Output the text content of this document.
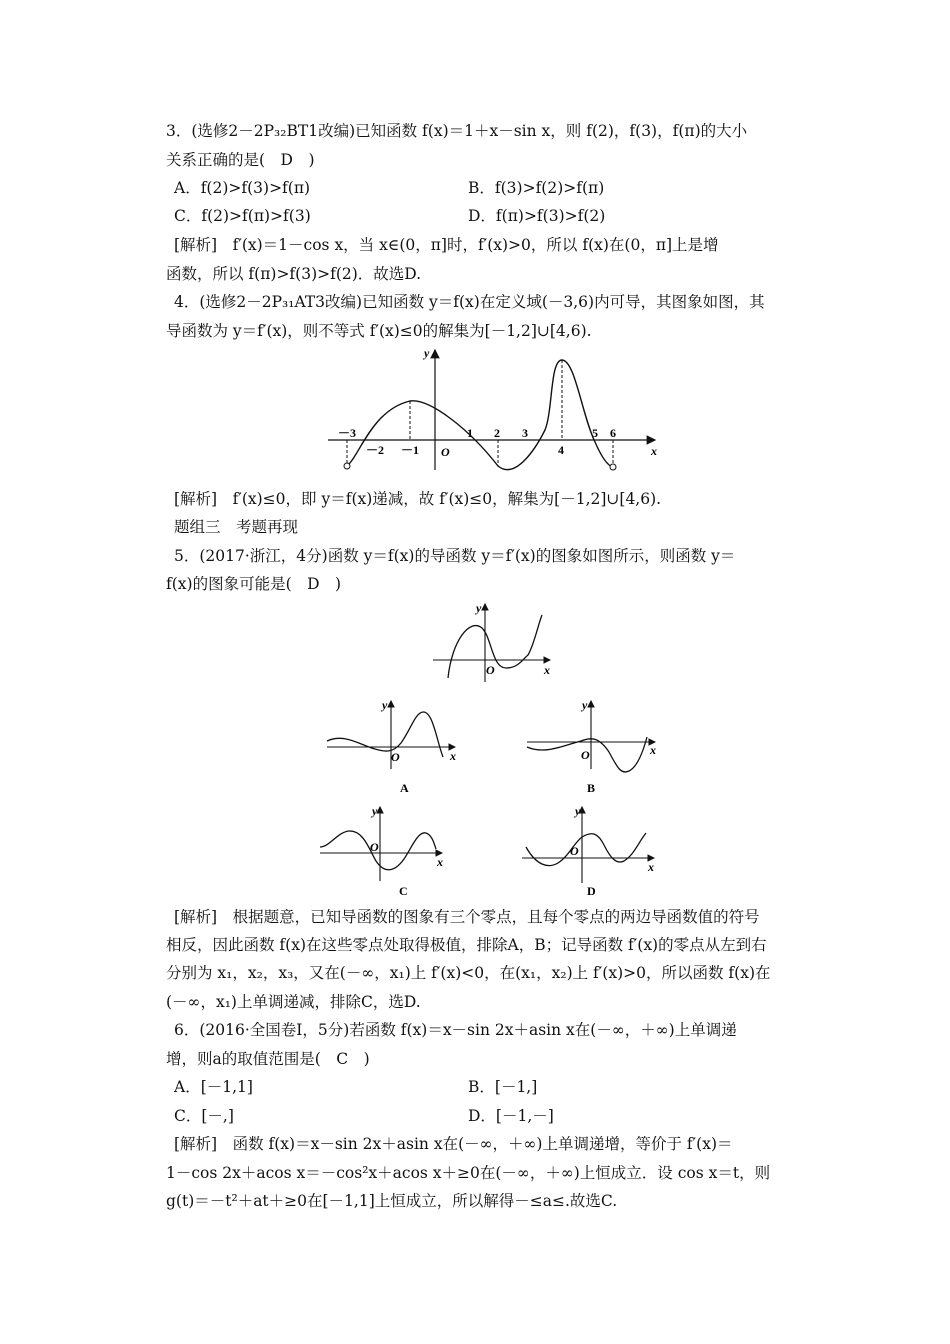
3．(选修2－2P₃₂BT1改编)已知函数 f(x)＝1＋x－sin x，则 f(2)，f(3)，f(π)的大小
关系正确的是(　D　)
A．f(2)>f(3)>f(π)	B．f(3)>f(2)>f(π)
C．f(2)>f(π)>f(3)	D．f(π)>f(3)>f(2)
[解析]　f′(x)＝1－cos x，当 x∈(0，π]时，f′(x)>0，所以 f(x)在(0，π]上是增
函数，所以 f(π)>f(3)>f(2)．故选D.
4．(选修2－2P₃₁AT3改编)已知函数 y＝f(x)在定义域(－3,6)内可导，其图象如图，其
导函数为 y＝f′(x)，则不等式 f′(x)≤0的解集为[－1,2]∪[4,6).
x
y
O
－3
－2 －1
1 2 3
4
5 6
[解析]　f′(x)≤0，即 y＝f(x)递减，故 f′(x)≤0，解集为[－1,2]∪[4,6).
题组三　考题再现
5．(2017·浙江，4分)函数 y＝f(x)的导函数 y＝f′(x)的图象如图所示，则函数 y＝
f(x)的图象可能是(　D　)
x
y
O
x
y
O
A
x
y
O
B
x
y
O
C
x
y
O
D
[解析]　根据题意，已知导函数的图象有三个零点，且每个零点的两边导函数值的符号
相反，因此函数 f(x)在这些零点处取得极值，排除A，B；记导函数 f′(x)的零点从左到右
分别为 x₁，x₂，x₃，又在(－∞，x₁)上 f′(x)<0，在(x₁，x₂)上 f′(x)>0，所以函数 f(x)在
(－∞，x₁)上单调递减，排除C，选D.
6．(2016·全国卷Ⅰ，5分)若函数 f(x)＝x－sin 2x＋asin x在(－∞，＋∞)上单调递
增，则a的取值范围是(　C　)
A．[－1,1]	B．[－1,]
C．[－,]	D．[－1,－]
[解析]　函数 f(x)＝x－sin 2x＋asin x在(－∞，＋∞)上单调递增，等价于 f′(x)＝
1－cos 2x＋acos x＝－cos²x＋acos x＋≥0在(－∞，＋∞)上恒成立．设 cos x＝t，则
g(t)＝－t²＋at＋≥0在[－1,1]上恒成立，所以解得－≤a≤.故选C.
